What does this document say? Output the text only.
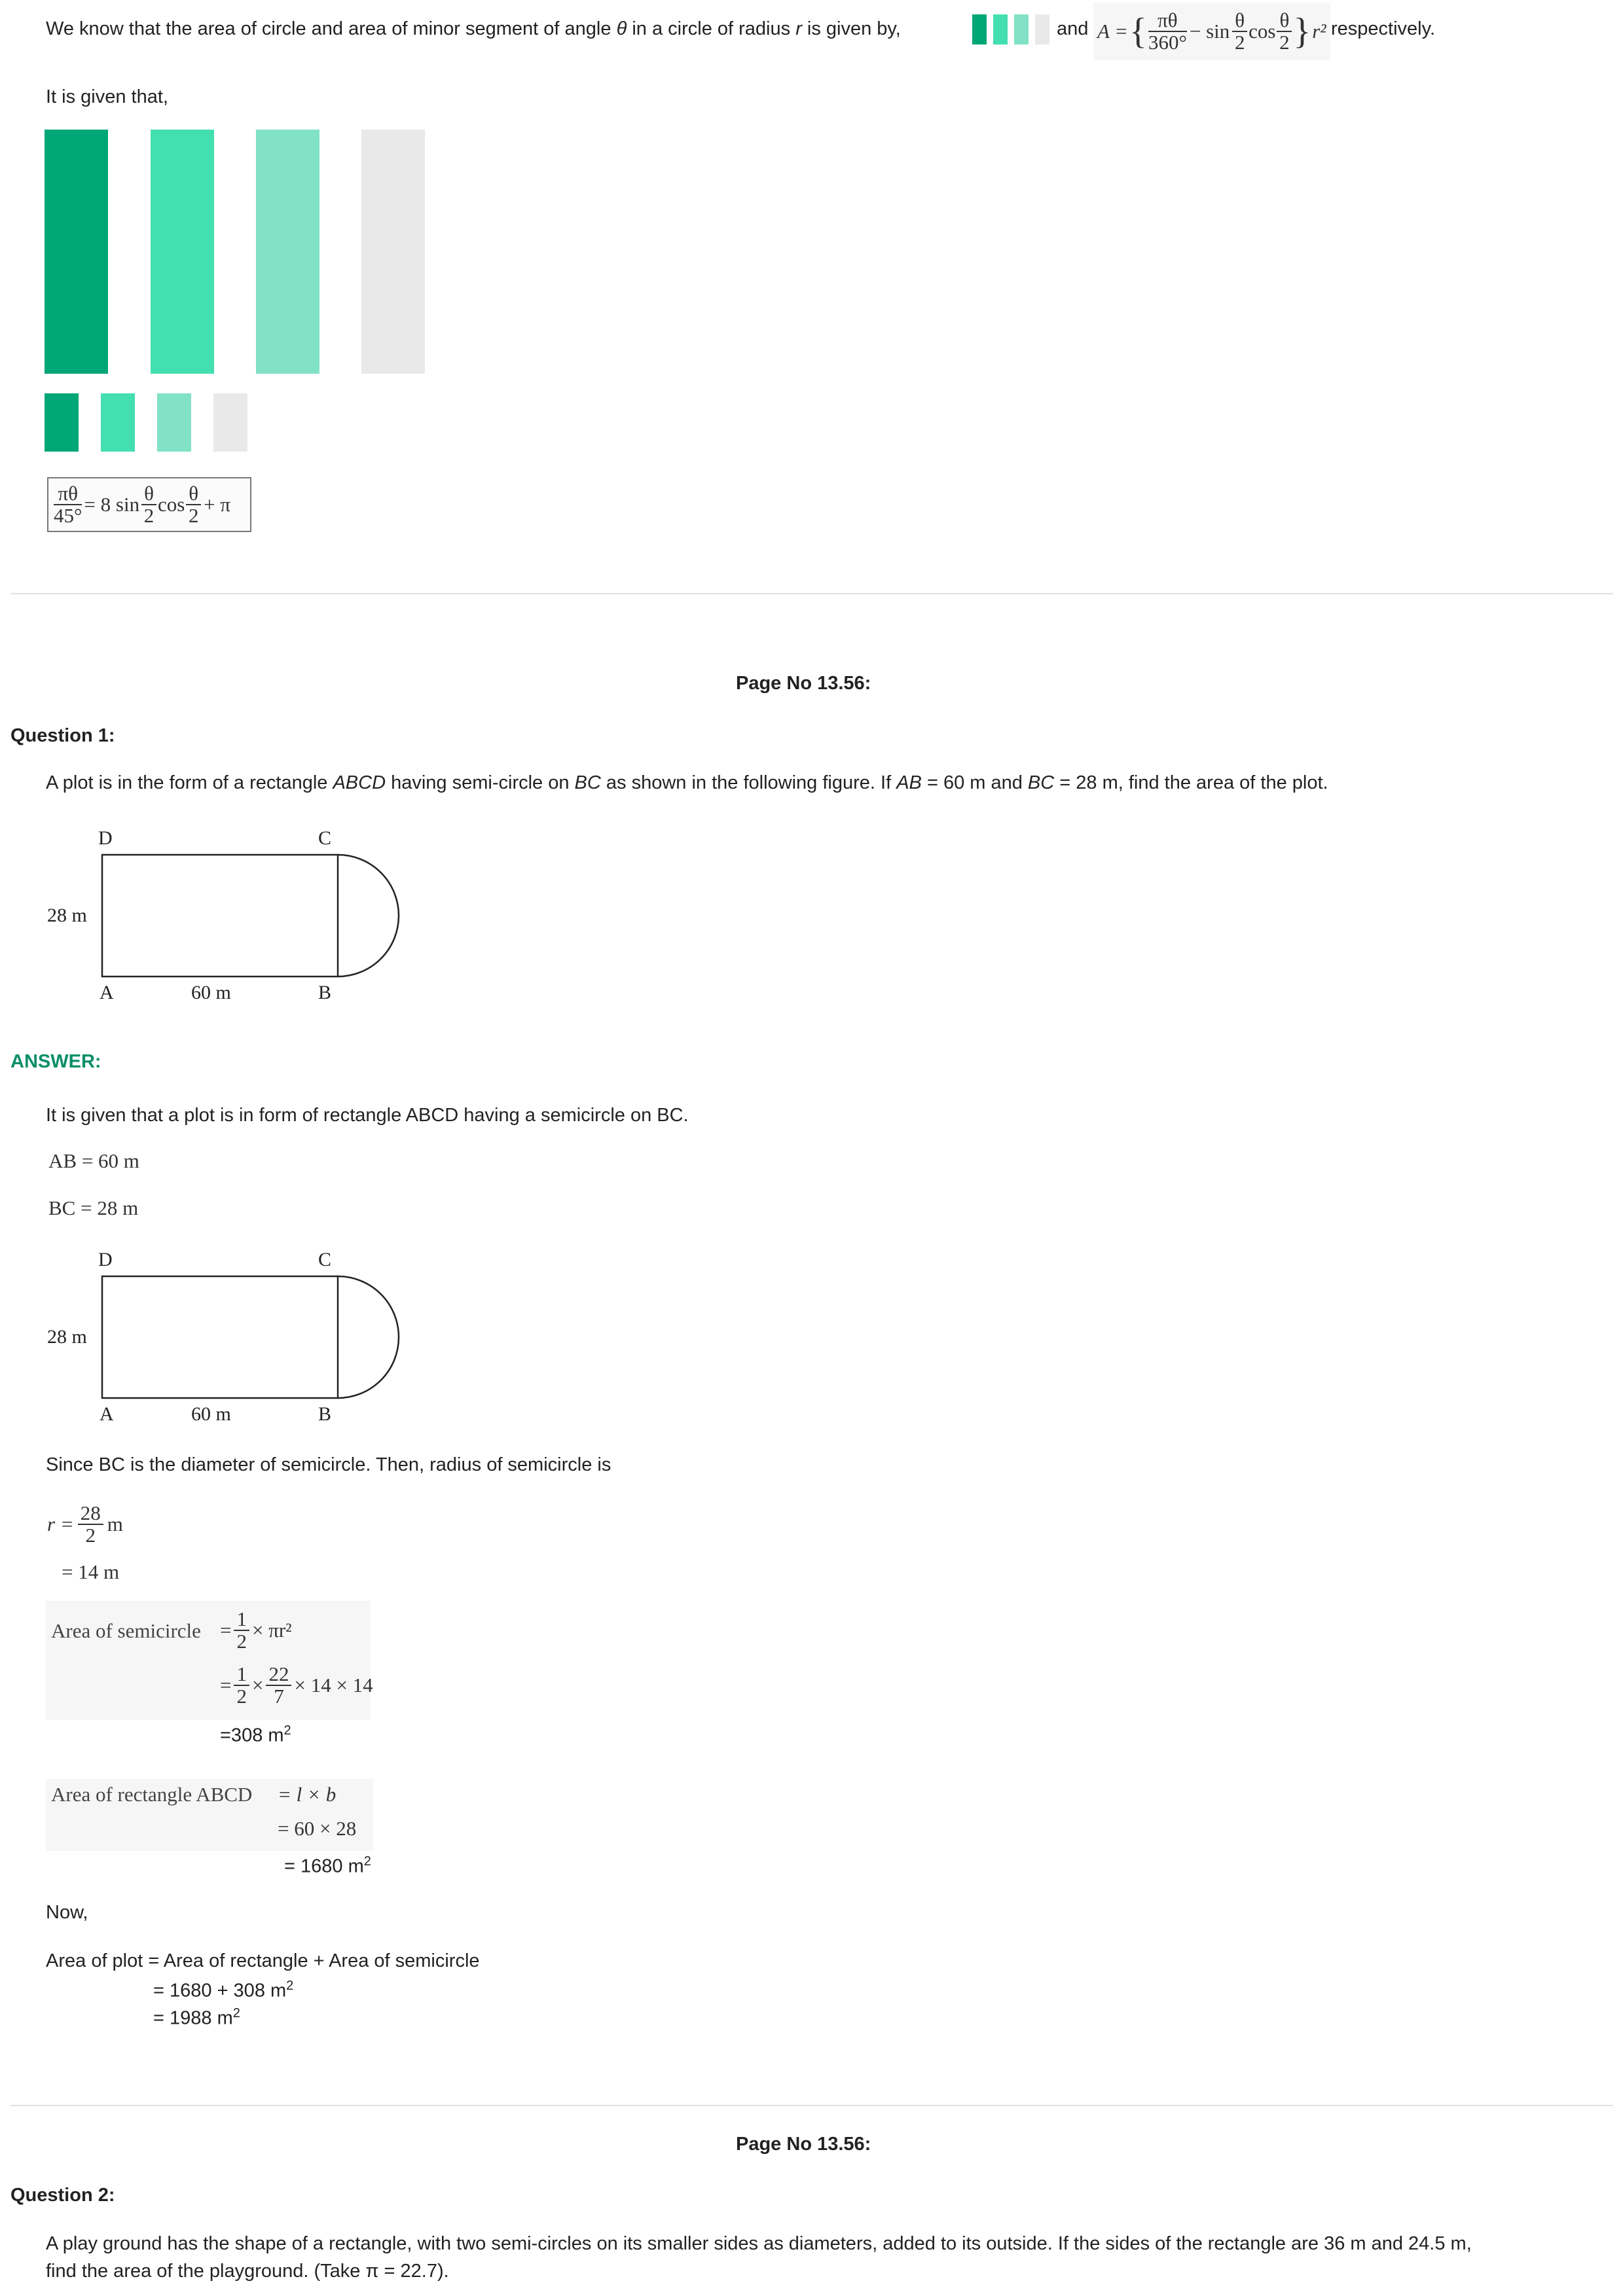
We know that the area of circle and area of minor segment of angle θ in a circle of radius r is given by,	and A = { $\frac{\pi\theta}{360^\circ} - \sin \frac{\theta}{2}$ $\cos \frac{\theta}{2}$ } r² respectively.
It is given that,
$\frac{\pi\theta}{45^\circ} = 8$ $\sin \frac{\theta}{2}$ $\cos \frac{\theta}{2} + \pi$
Page No 13.56:
Question 1:
A plot is in the form of a rectangle ABCD having semi-circle on BC as shown in the following figure. If AB = 60 m and BC = 28 m, find the area of the plot.
D	C
A	B
28 m
60 m
ANSWER:
It is given that a plot is in form of rectangle ABCD having a semicircle on BC.
AB = 60 m
BC = 28 m
D	C
A	B
28 m
60 m
Since BC is the diameter of semicircle. Then, radius of semicircle is
$r = \frac{28}{2}$ m
= 14 m
Area of semicircle = $\frac{1}{2} \times \pi r^2$
= $\frac{1}{2} \times \frac{22}{7} \times 14 \times 14$
=308 $m^2$
Area of rectangle ABCD = l × b
= 60 × 28
= 1680 $m^2$
Now,
Area of plot = Area of rectangle + Area of semicircle
= 1680 + 308 $m^2$
= 1988 $m^2$
Page No 13.56:
Question 2:
A play ground has the shape of a rectangle, with two semi-circles on its smaller sides as diameters, added to its outside. If the sides of the rectangle are 36 m and 24.5 m,
find the area of the playground. (Take π = 22.7).
